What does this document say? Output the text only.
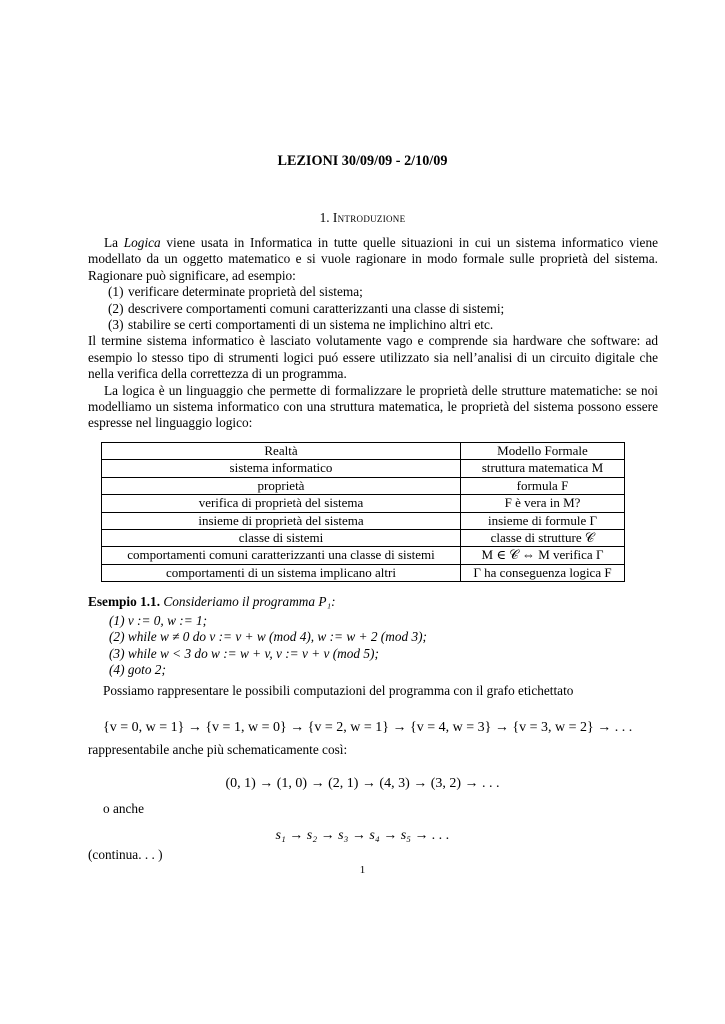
LEZIONI 30/09/09 - 2/10/09
1. Introduzione

La Logica viene usata in Informatica in tutte quelle situazioni in cui un sistema informatico viene modellato da un oggetto matematico e si vuole ragionare in modo formale sulle proprietà del sistema. Ragionare può significare, ad esempio:

(1) verificare determinate proprietà del sistema;
(2) descrivere comportamenti comuni caratterizzanti una classe di sistemi;
(3) stabilire se certi comportamenti di un sistema ne implichino altri etc.

Il termine sistema informatico è lasciato volutamente vago e comprende sia hardware che software: ad esempio lo stesso tipo di strumenti logici puó essere utilizzato sia nell’analisi di un circuito digitale che nella verifica della correttezza di un programma.

La logica è un linguaggio che permette di formalizzare le proprietà delle strutture matematiche: se noi modelliamo un sistema informatico con una struttura matematica, le proprietà del sistema possono essere espresse nel linguaggio logico:

Realtà	Modello Formale
sistema informatico	struttura matematica M
proprietà	formula F
verifica di proprietà del sistema	F è vera in M?
insieme di proprietà del sistema	insieme di formule Γ
classe di sistemi	classe di strutture 𝒞
comportamenti comuni caratterizzanti una classe di sistemi	M ∈ 𝒞 ⇔ M verifica Γ
comportamenti di un sistema implicano altri	Γ ha conseguenza logica F
Esempio 1.1. Consideriamo il programma P₁:
(1) v := 0, w := 1;
(2) while w ≠ 0 do v := v + w (mod 4), w := w + 2 (mod 3);
(3) while w < 3 do w := w + v, v := v + v (mod 5);
(4) goto 2;
Possiamo rappresentare le possibili computazioni del programma con il grafo etichettato
{v = 0, w = 1} → {v = 1, w = 0} → {v = 2, w = 1} → {v = 4, w = 3} → {v = 3, w = 2} → . . .
rappresentabile anche più schematicamente così:
(0, 1) → (1, 0) → (2, 1) → (4, 3) → (3, 2) → . . .
o anche
s₁ → s₂ → s₃ → s₄ → s₅ → . . .
(continua. . . )
1
